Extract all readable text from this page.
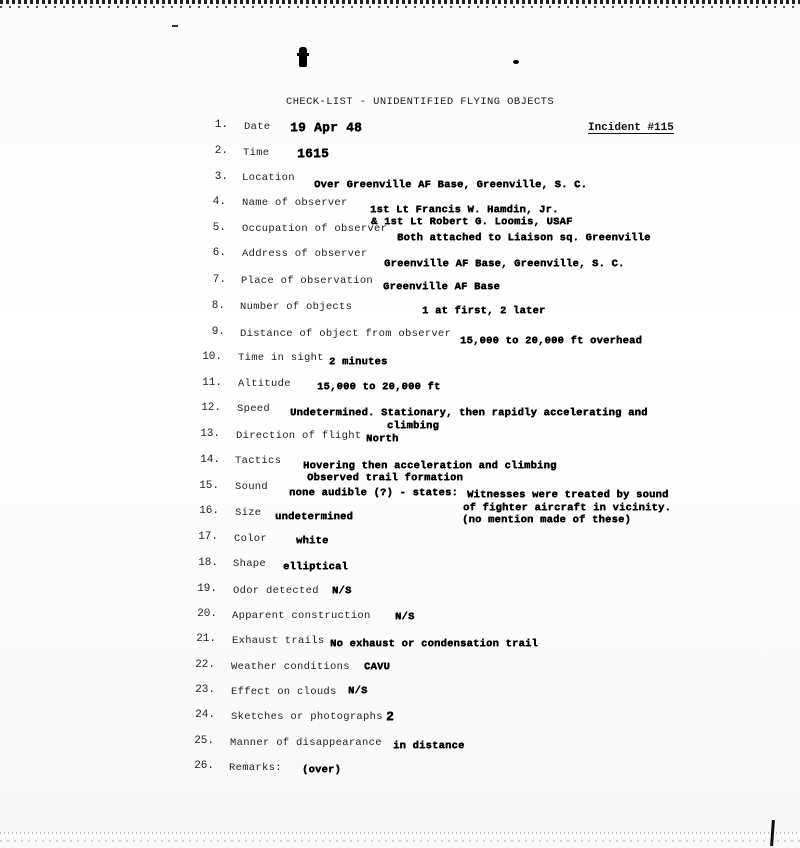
CHECK-LIST - UNIDENTIFIED FLYING OBJECTS
Incident #115
1. Date 19 Apr 48
2. Time 1615
3. Location
Over Greenville AF Base, Greenville, S. C.
4. Name of observer
1st Lt Francis W. Hamdin, Jr.
& 1st Lt Robert G. Loomis, USAF
5. Occupation of observer
Both attached to Liaison sq. Greenville
6. Address of observer
Greenville AF Base, Greenville, S. C.
7. Place of observation Greenville AF Base
8. Number of objects	1 at first, 2 later
9. Distance of object from observer
15,000 to 20,000 ft overhead
10. Time in sight 2 minutes
11. Altitude 15,000 to 20,000 ft
12. Speed Undetermined. Stationary, then rapidly accelerating and
climbing
13. Direction of flight North
14. Tactics Hovering then acceleration and climbing
Observed trail formation
15. Sound none audible (?) - states: Witnesses were treated by sound
of fighter aircraft in vicinity.
(no mention made of these)
16. Size undetermined
17. Color	white
18. Shape elliptical
19. Odor detected N/S
20. Apparent construction N/S
21. Exhaust trails No exhaust or condensation trail
22. Weather conditions CAVU
23. Effect on clouds N/S
24. Sketches or photographs 2
25. Manner of disappearance in distance
26. Remarks: (over)
